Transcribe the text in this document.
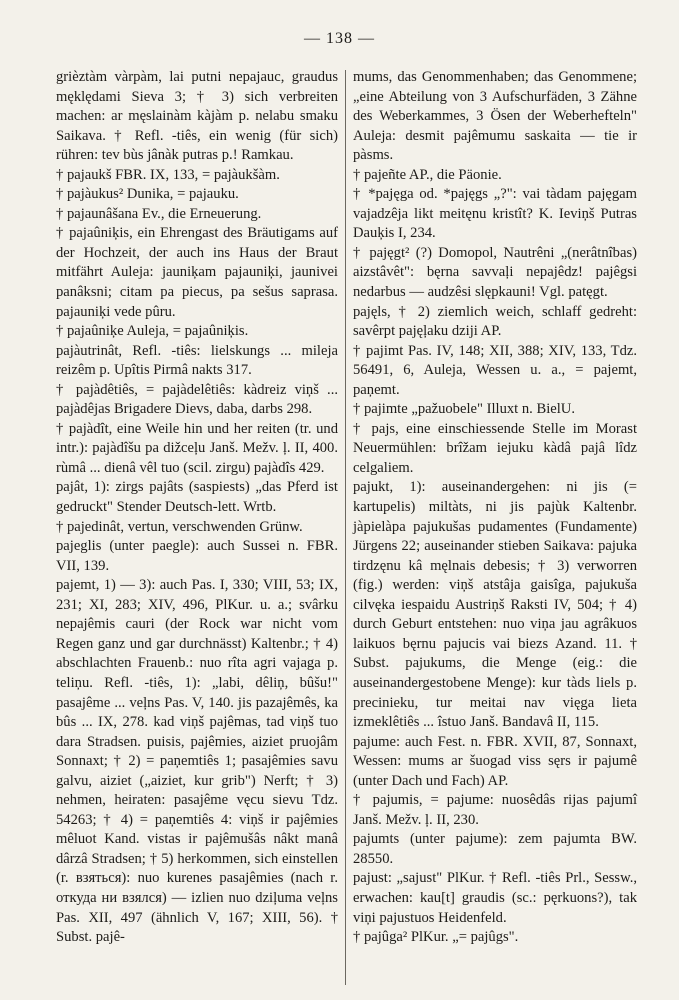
— 138 —

grièztàm vàrpàm, lai putni nepajauc, graudus męklędami Sieva 3; † 3) sich verbreiten machen: ar męslainàm kàjàm p. nelabu smaku Saikava. † Refl. -tiês, ein wenig (für sich) rühren: tev bùs jânàk putras p.! Ramkau.

† pajaukš FBR. IX, 133, = pajàukšàm.

† pajàukus² Dunika, = pajauku.

† pajaunâšana Ev., die Erneuerung.

† pajaûniķis, ein Ehrengast des Bräutigams auf der Hochzeit, der auch ins Haus der Braut mitfährt Auleja: jauniķam pajauniķi, jaunivei panâksni; citam pa piecus, pa sešus saprasa. pajauniķi vede pûru.

† pajaûniķe Auleja, = pajaûniķis.

pajàutrinât, Refl. -tiês: lielskungs ... mileja reizêm p. Upîtis Pirmâ nakts 317.

† pajàdêtiês, = pajàdelêtiês: kàdreiz viņš ... pajàdêjas Brigadere Dievs, daba, darbs 298.

† pajàdît, eine Weile hin und her reiten (tr. und intr.): pajàdîšu pa dižceļu Janš. Mežv. ļ. II, 400. rùmâ ... dienâ vêl tuo (scil. zirgu) pajàdîs 429.

pajât, 1): zirgs pajâts (saspiests) „das Pferd ist gedruckt" Stender Deutsch-lett. Wrtb.

† pajedinât, vertun, verschwenden Grünw.

pajeglis (unter paegle): auch Sussei n. FBR. VII, 139.

pajemt, 1) — 3): auch Pas. I, 330; VIII, 53; IX, 231; XI, 283; XIV, 496, PlKur. u. a.; svârku nepajêmis cauri (der Rock war nicht vom Regen ganz und gar durchnässt) Kaltenbr.; † 4) abschlachten Frauenb.: nuo rîta agri vajaga p. teliņu. Refl. -tiês, 1): „labi, dêliņ, bûšu!" pasajême ... veļns Pas. V, 140. jis pazajêmês, ka bûs ... IX, 278. kad viņš pajêmas, tad viņš tuo dara Stradsen. puisis, pajêmies, aiziet pruojâm Sonnaxt; † 2) = paņemtiês 1; pasajêmies savu galvu, aiziet („aiziet, kur grib") Nerft; † 3) nehmen, heiraten: pasajême vęcu sievu Tdz. 54263; † 4) = paņemtiês 4: viņš ir pajêmies mêluot Kand. vistas ir pajêmušâs nâkt manâ dârzâ Stradsen; † 5) herkommen, sich einstellen (r. взяться): nuo kurenes pasajêmies (nach r. откуда ни взялся) — izlien nuo dziļuma veļns Pas. XII, 497 (ähnlich V, 167; XIII, 56). † Subst. pajê-

mums, das Genommenhaben; das Genommene; „eine Abteilung von 3 Aufschurfäden, 3 Zähne des Weberkammes, 3 Ösen der Weberhefteln" Auleja: desmit pajêmumu saskaita — tie ir pàsms.

† pajeñte AP., die Päonie.

† *pajęga od. *pajęgs „?": vai tàdam pajęgam vajadzêja likt meitęnu kristît? K. Ieviņš Putras Dauķis I, 234.

† pajęgt² (?) Domopol, Nautrêni „(nerâtnîbas) aizstâvêt": bęrna savvaļi nepajêdz! pajêgsi nedarbus — audzêsi slępkauni! Vgl. patęgt.

pajęls, † 2) ziemlich weich, schlaff gedreht: savêrpt pajęļaku dziji AP.

† pajimt Pas. IV, 148; XII, 388; XIV, 133, Tdz. 56491, 6, Auleja, Wessen u. a., = pajemt, paņemt.

† pajimte „pažuobele" Illuxt n. BielU.

† pajs, eine einschiessende Stelle im Morast Neuermühlen: brîžam iejuku kàdâ pajâ lîdz celgaliem.

pajukt, 1): auseinandergehen: ni jis (= kartupelis) miltàts, ni jis pajùk Kaltenbr. jàpielàpa pajukušas pudamentes (Fundamente) Jürgens 22; auseinander stieben Saikava: pajuka tirdzęnu kâ męlnais debesis; † 3) verworren (fig.) werden: viņš atstâja gaisîga, pajukuša cilvęka iespaidu Austriņš Raksti IV, 504; † 4) durch Geburt entstehen: nuo viņa jau agrâkuos laikuos bęrnu pajucis vai biezs Azand. 11. † Subst. pajukums, die Menge (eig.: die auseinandergestobene Menge): kur tàds liels p. precinieku, tur meitai nav vięga lieta izmeklêtiês ... îstuo Janš. Bandavâ II, 115.

pajume: auch Fest. n. FBR. XVII, 87, Sonnaxt, Wessen: mums ar šuogad viss sęrs ir pajumê (unter Dach und Fach) AP.

† pajumis, = pajume: nuosêdâs rijas pajumî Janš. Mežv. ļ. II, 230.

pajumts (unter pajume): zem pajumta BW. 28550.

pajust: „sajust" PlKur. † Refl. -tiês Prl., Sessw., erwachen: kau[t] graudis (sc.: pęrkuons?), tak viņi pajustuos Heidenfeld.

† pajûga² PlKur. „= pajûgs".
